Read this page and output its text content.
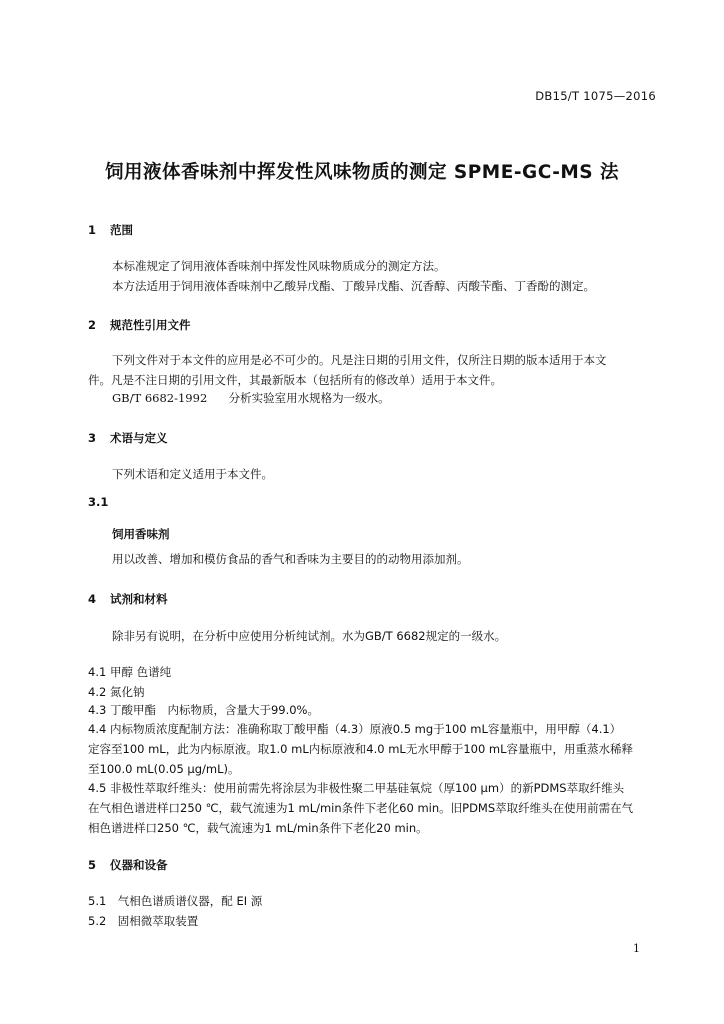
DB15/T 1075—2016
饲用液体香味剂中挥发性风味物质的测定 SPME-GC-MS 法
1 范围
本标准规定了饲用液体香味剂中挥发性风味物质成分的测定方法。
本方法适用于饲用液体香味剂中乙酸异戊酯、丁酸异戊酯、沉香醇、丙酸苄酯、丁香酚的测定。
2 规范性引用文件
下列文件对于本文件的应用是必不可少的。凡是注日期的引用文件，仅所注日期的版本适用于本文
件。凡是不注日期的引用文件，其最新版本（包括所有的修改单）适用于本文件。
GB/T 6682-1992 分析实验室用水规格为一级水。
3 术语与定义
下列术语和定义适用于本文件。
3.1
饲用香味剂
用以改善、增加和模仿食品的香气和香味为主要目的的动物用添加剂。
4 试剂和材料
除非另有说明，在分析中应使用分析纯试剂。水为GB/T 6682规定的一级水。
4.1 甲醇 色谱纯
4.2 氮化钠
4.3 丁酸甲酯　内标物质，含量大于99.0%。
4.4 内标物质浓度配制方法：准确称取丁酸甲酯（4.3）原液0.5 mg于100 mL容量瓶中，用甲醇（4.1）
定容至100 mL，此为内标原液。取1.0 mL内标原液和4.0 mL无水甲醇于100 mL容量瓶中，用重蒸水稀释
至100.0 mL(0.05 μg/mL)。
4.5 非极性萃取纤维头：使用前需先将涂层为非极性聚二甲基硅氧烷（厚100 μm）的新PDMS萃取纤维头
在气相色谱进样口250 ℃，载气流速为1 mL/min条件下老化60 min。旧PDMS萃取纤维头在使用前需在气
相色谱进样口250 ℃，载气流速为1 mL/min条件下老化20 min。
5 仪器和设备
5.1　气相色谱质谱仪器，配 EI 源
5.2　固相微萃取装置
1
